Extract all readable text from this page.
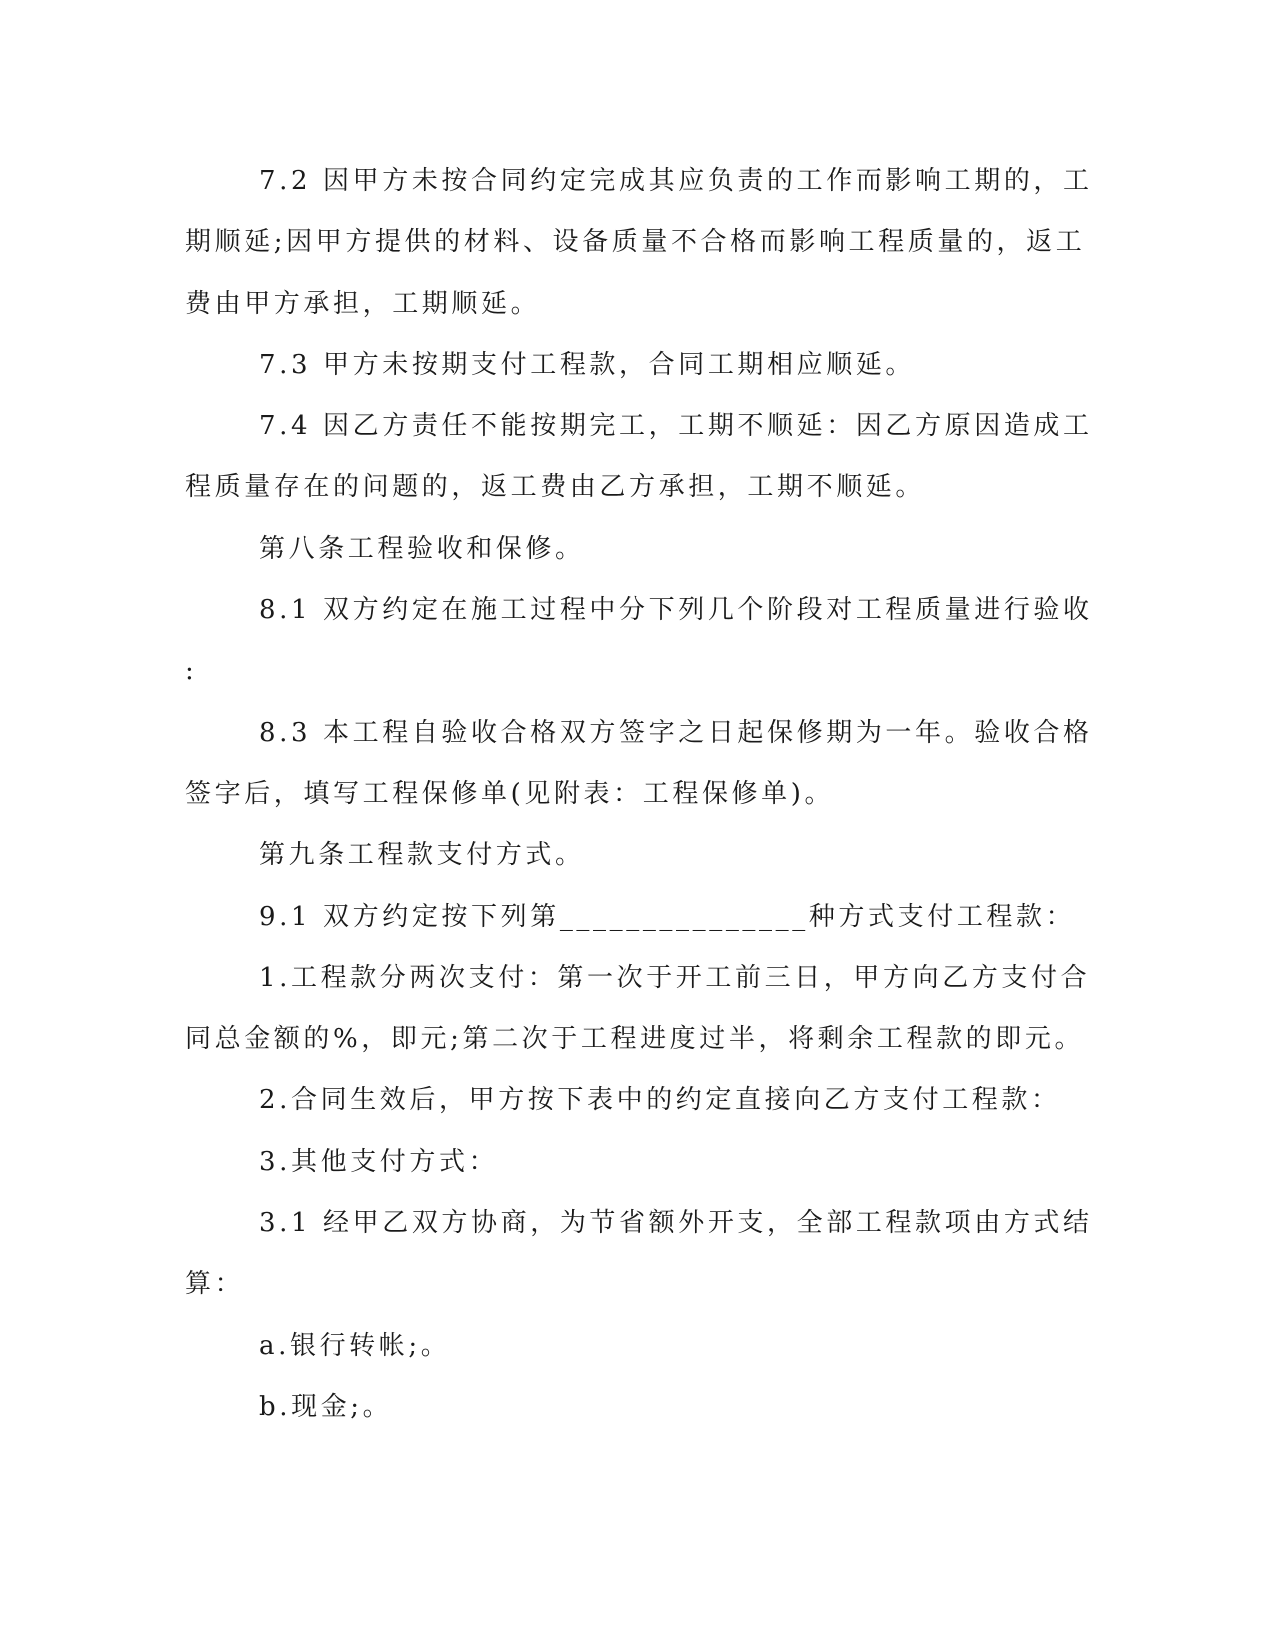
7.2 因甲方未按合同约定完成其应负责的工作而影响工期的，工
期顺延;因甲方提供的材料、设备质量不合格而影响工程质量的，返工
费由甲方承担，工期顺延。
7.3 甲方未按期支付工程款，合同工期相应顺延。
7.4 因乙方责任不能按期完工，工期不顺延：因乙方原因造成工
程质量存在的问题的，返工费由乙方承担，工期不顺延。
第八条工程验收和保修。
8.1 双方约定在施工过程中分下列几个阶段对工程质量进行验收
:
8.3 本工程自验收合格双方签字之日起保修期为一年。验收合格
签字后，填写工程保修单(见附表：工程保修单)。
第九条工程款支付方式。
9.1 双方约定按下列第_______________种方式支付工程款：
1.工程款分两次支付：第一次于开工前三日，甲方向乙方支付合
同总金额的%，即元;第二次于工程进度过半，将剩余工程款的即元。
2.合同生效后，甲方按下表中的约定直接向乙方支付工程款：
3.其他支付方式：
3.1 经甲乙双方协商，为节省额外开支，全部工程款项由方式结
算：
a.银行转帐;。
b.现金;。
